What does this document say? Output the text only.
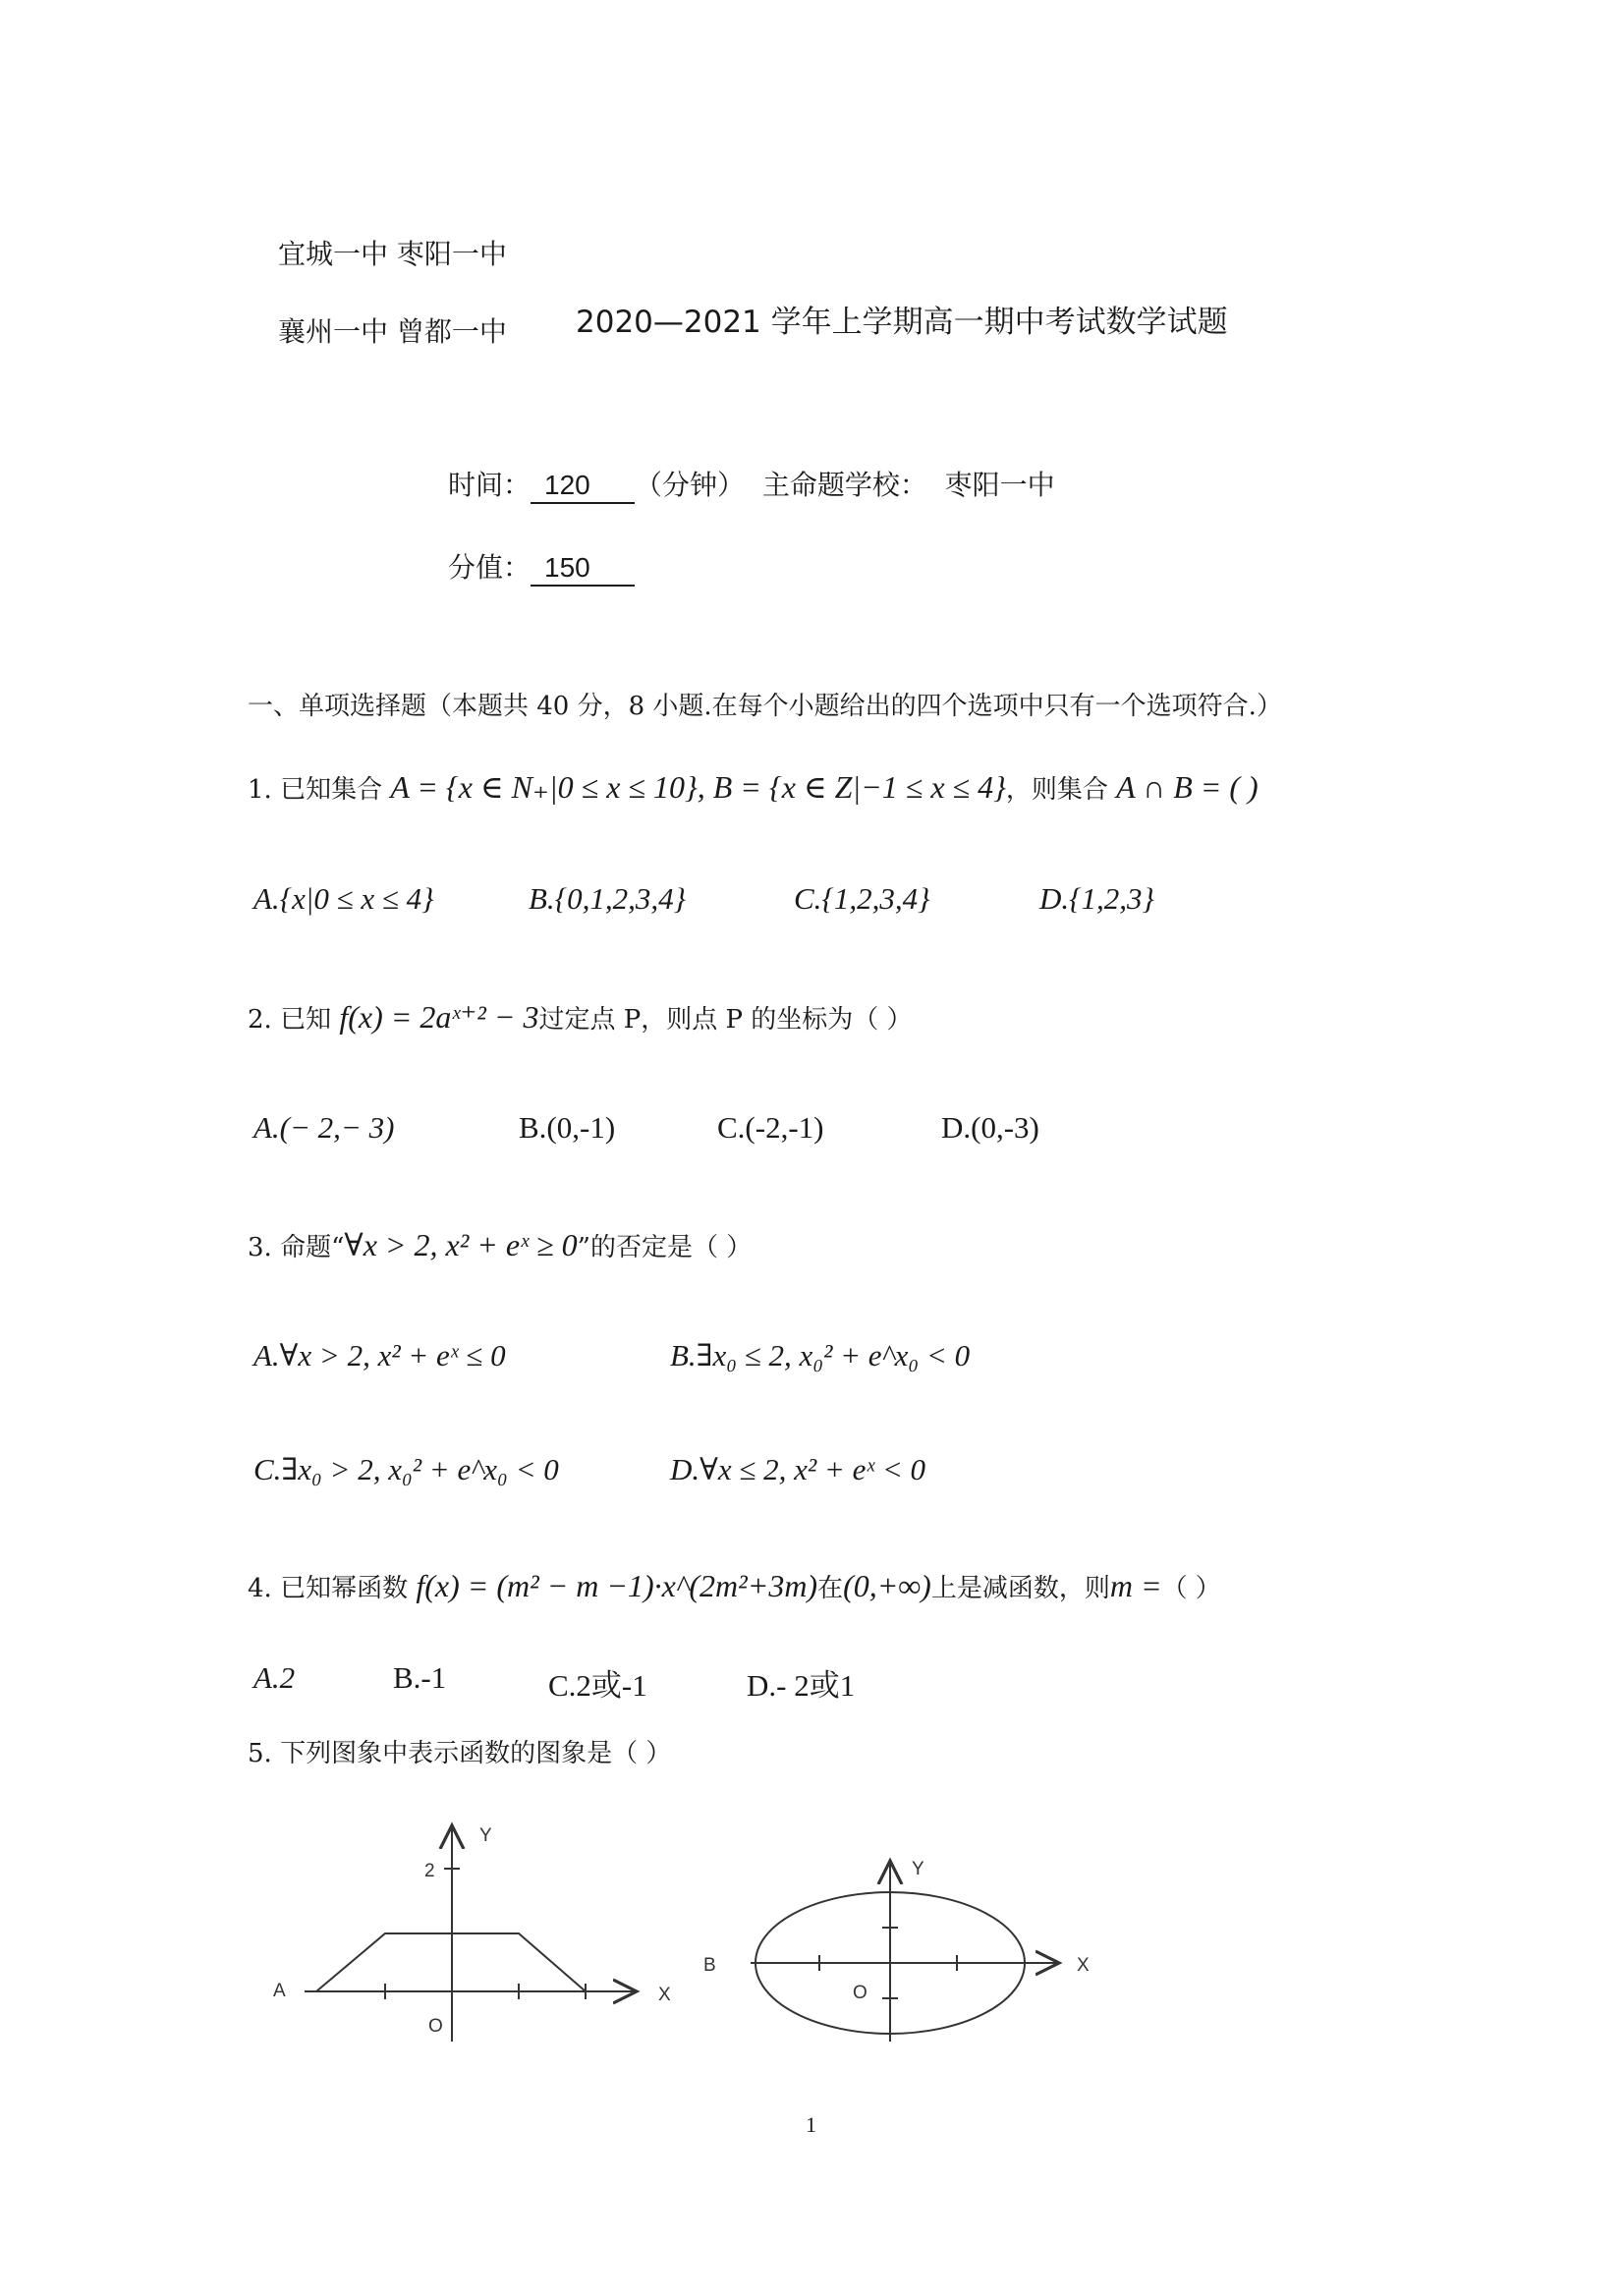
宜城一中 枣阳一中
襄州一中 曾都一中 2020—2021 学年上学期高一期中考试数学试题
时间： 120 （分钟） 主命题学校： 枣阳一中
分值： 150
一、单项选择题（本题共 40 分，8 小题.在每个小题给出的四个选项中只有一个选项符合.）
1. 已知集合 A = {x ∈ N₊|0 ≤ x ≤ 10}, B = {x ∈ Z|−1 ≤ x ≤ 4}，则集合 A ∩ B = ( )
A.{x|0 ≤ x ≤ 4}	B.{0,1,2,3,4}	C.{1,2,3,4}	D.{1,2,3}
2. 已知 f(x) = 2aˣ⁺² − 3过定点 P，则点 P 的坐标为（ ）
A.(− 2,− 3)	B.(0,-1)	C.(-2,-1)	D.(0,-3)
3. 命题“∀x > 2, x² + eˣ ≥ 0”的否定是（ ）
A.∀x > 2, x² + eˣ ≤ 0	B.∃x₀ ≤ 2, x₀² + e^x₀ < 0
C.∃x₀ > 2, x₀² + e^x₀ < 0	D.∀x ≤ 2, x² + eˣ < 0
4. 已知幂函数 f(x) = (m² − m −1)·x^(2m²+3m)在(0,+∞)上是减函数，则m =（ ）
A.2	B.-1	C.2或-1	D.- 2或1
5. 下列图象中表示函数的图象是（ ）
Y
2
X
O
A
Y
X
O
B
1
